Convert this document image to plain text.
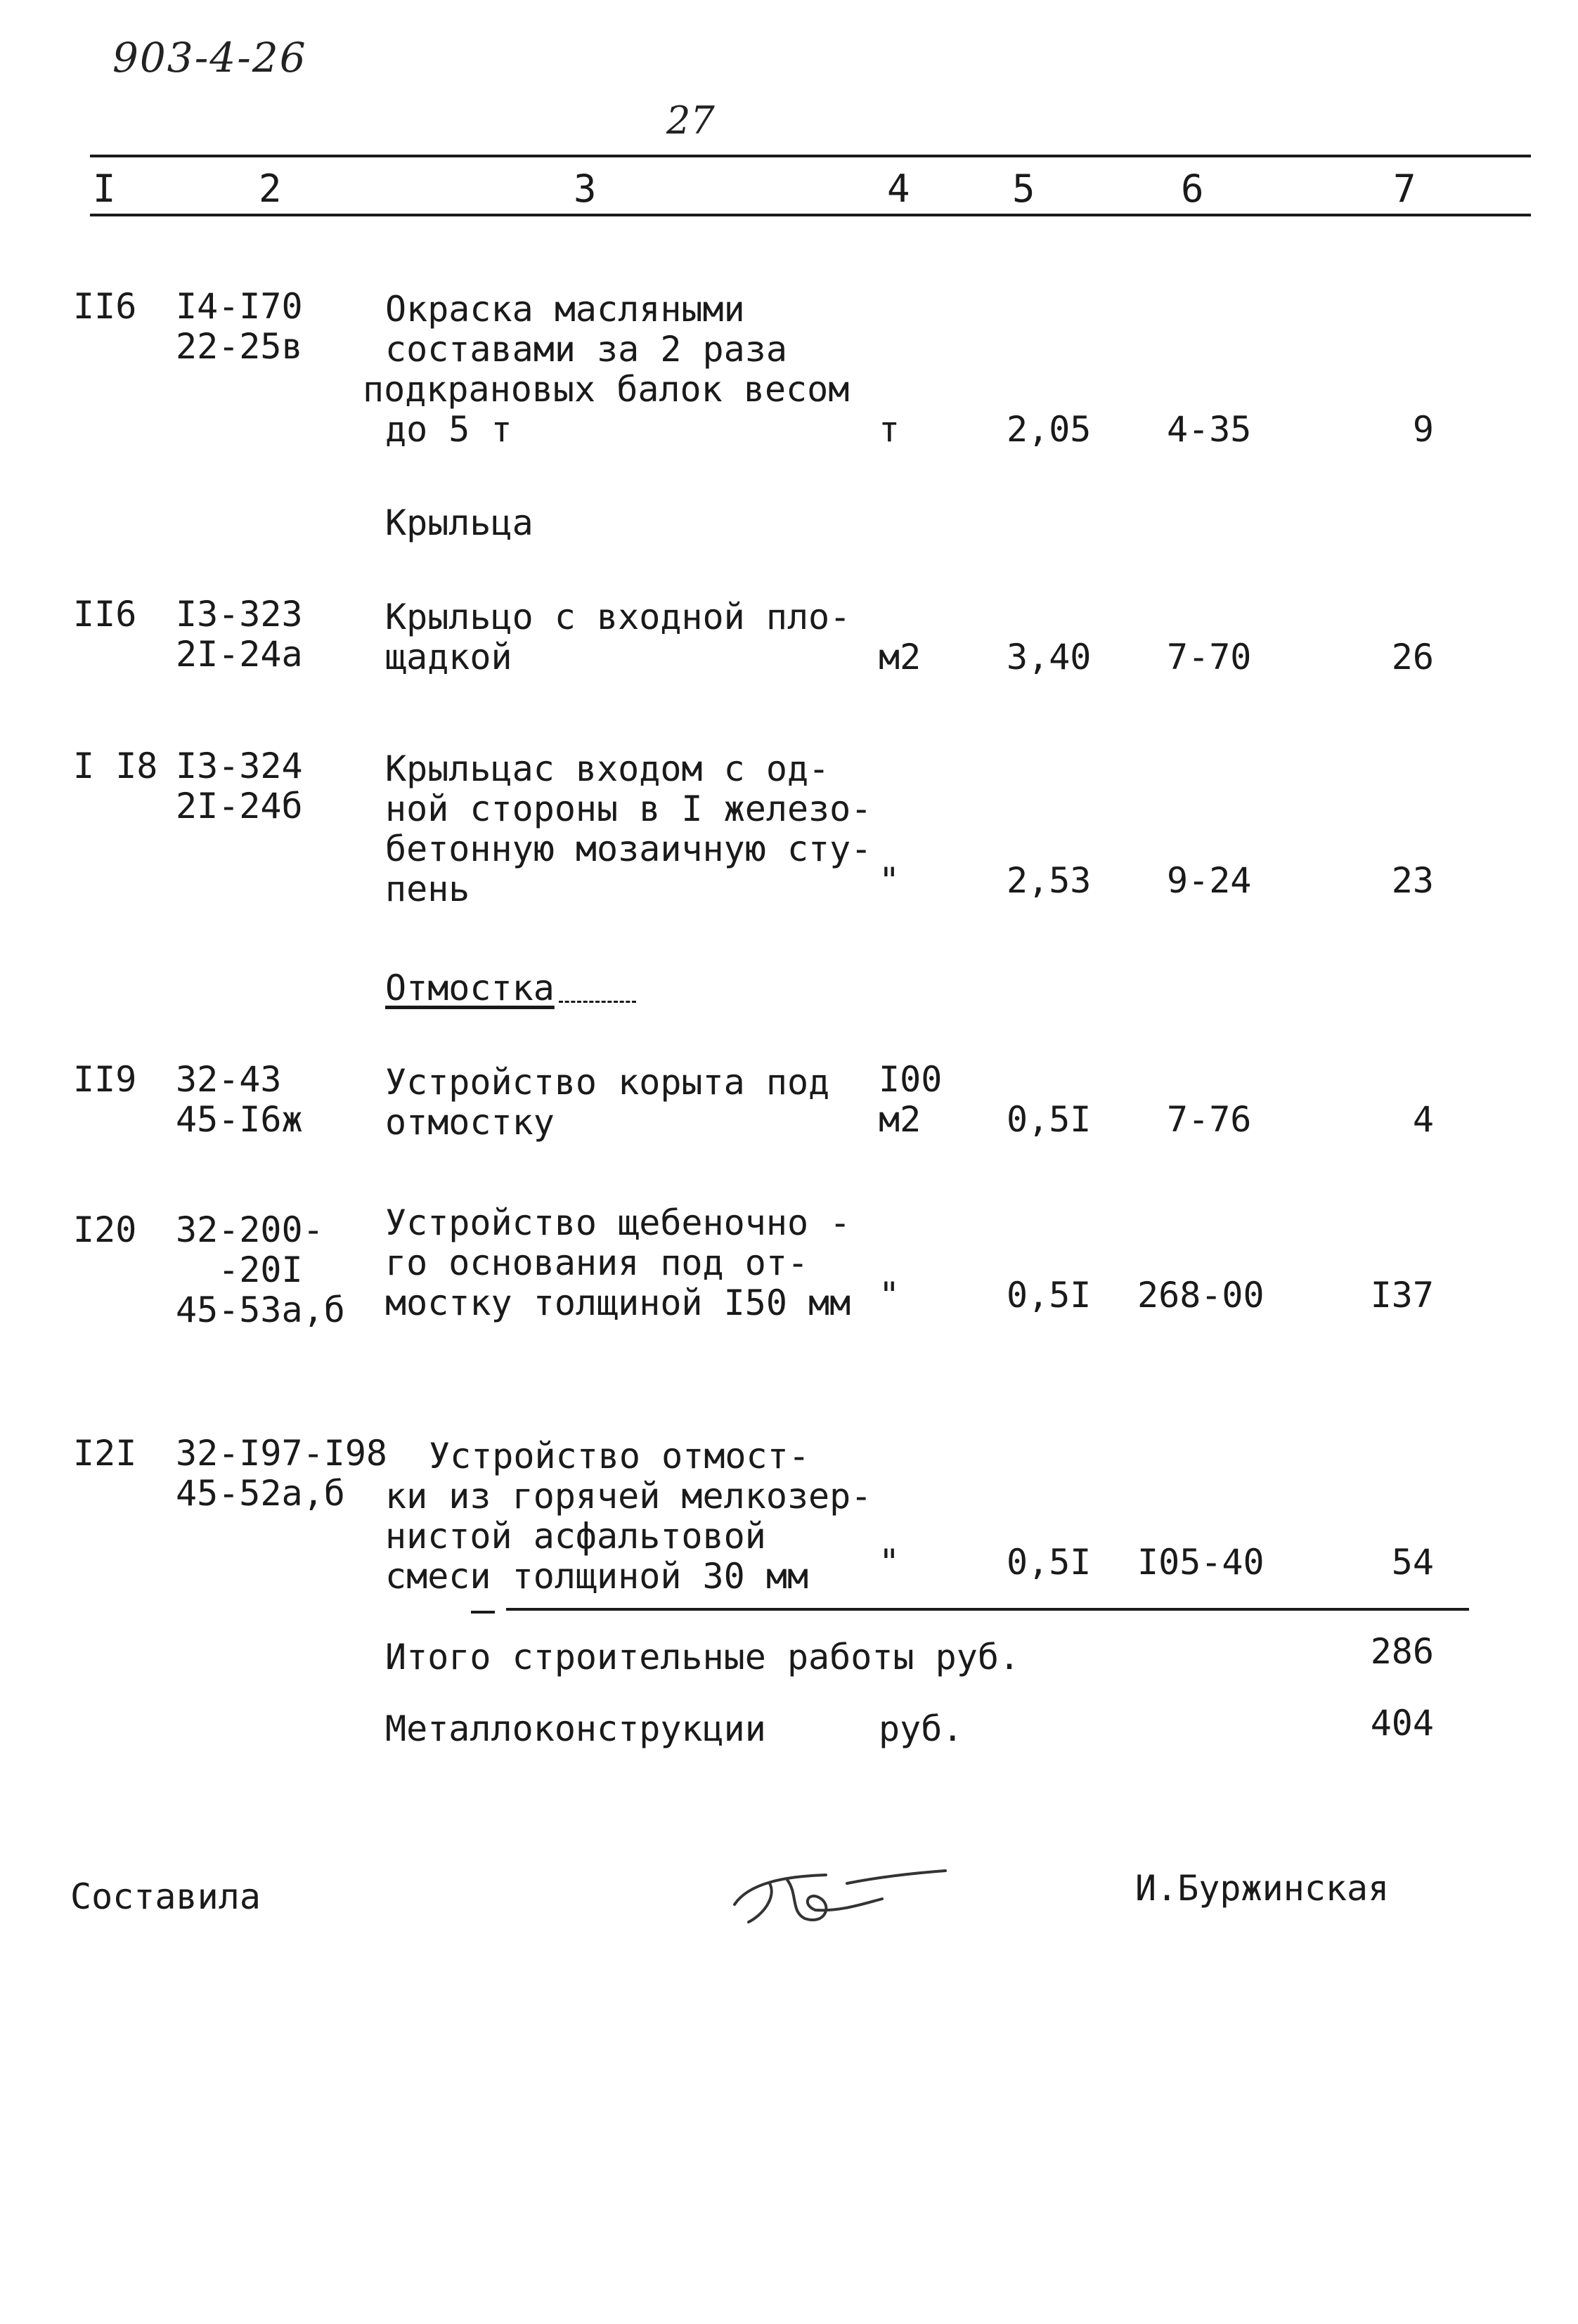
903-4-26
27
I	2	3	4	5	6	7
II6 I4-I70
22-25в
Окраска масляными
составами за 2 раза
подкрановых балок весом
до 5 т	т	2,05 4-35	9
Крыльца
II6 I3-323
2I-24а
Крыльцо с входной пло-
щадкой	м2 3,40 7-70	26
I I8 I3-324
2I-24б
Крыльцас входом с од-
ной стороны в I железо-
бетонную мозаичную сту-
пень	"	2,53 9-24	23
Отмостка
II9 32-43
45-I6ж
Устройство корыта под
отмостку
I00
м2 0,5I 7-76	4
I20 32-200-
-20I
45-53а,б
Устройство щебеночно -
го основания под от-
мостку толщиной I50 мм "	0,5I 268-00	I37
I2I 32-I97-I98
45-52а,б
Устройство отмост-
ки из горячей мелкозер-
нистой асфальтовой
смеси толщиной 30 мм "	0,5I I05-40	54
Итого строительные работы руб.	286
Металлоконструкции	руб.	404
Составила	И.Буржинская
